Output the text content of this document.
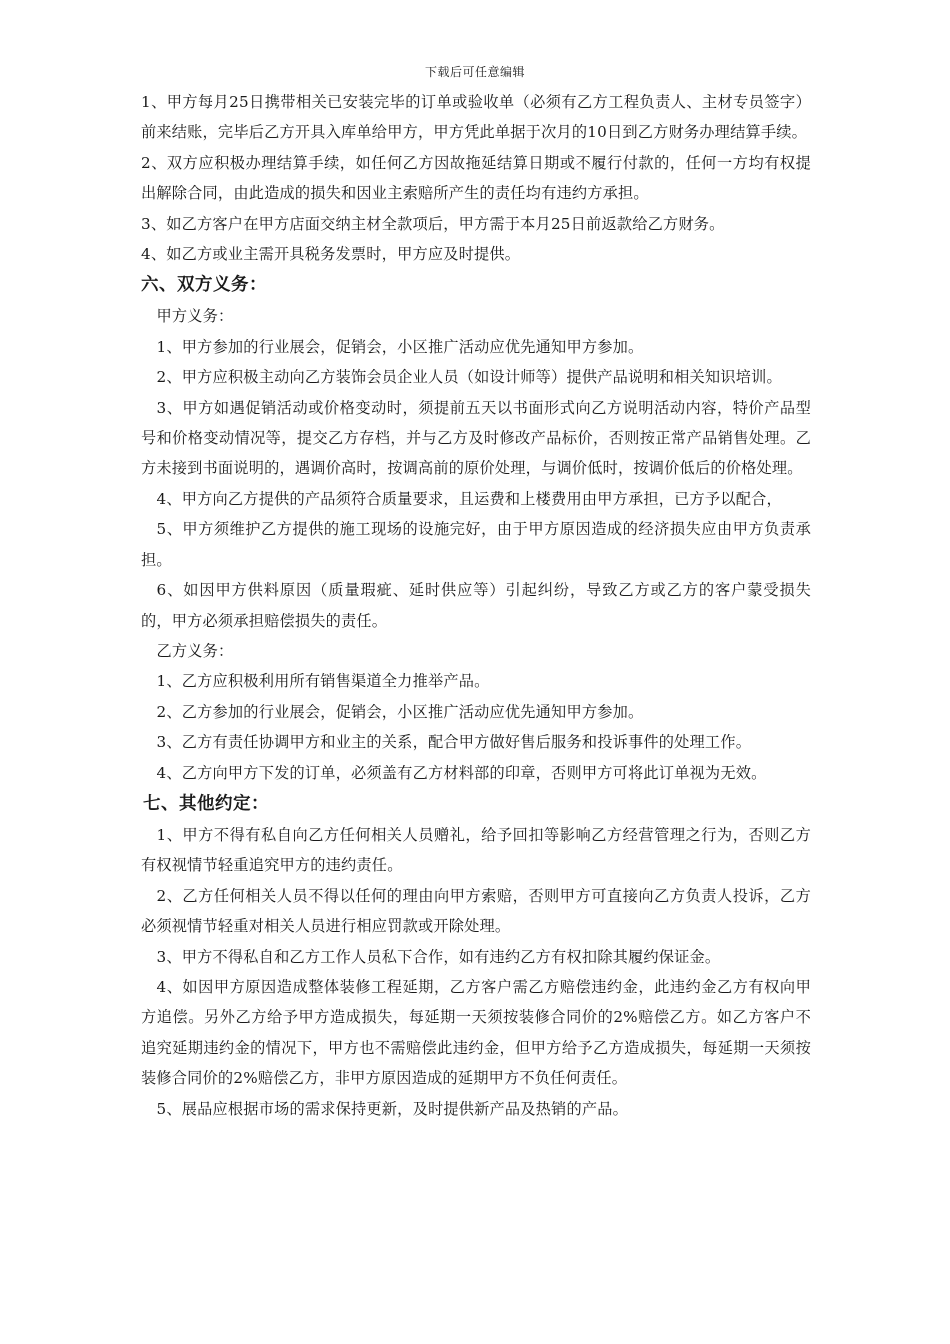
下载后可任意编辑

1、甲方每月25日携带相关已安装完毕的订单或验收单（必须有乙方工程负责人、主材专员签字）前来结账，完毕后乙方开具入库单给甲方，甲方凭此单据于次月的10日到乙方财务办理结算手续。

2、双方应积极办理结算手续，如任何乙方因故拖延结算日期或不履行付款的，任何一方均有权提出解除合同，由此造成的损失和因业主索赔所产生的责任均有违约方承担。

3、如乙方客户在甲方店面交纳主材全款项后，甲方需于本月25日前返款给乙方财务。

4、如乙方或业主需开具税务发票时，甲方应及时提供。

六、双方义务：

甲方义务：

1、甲方参加的行业展会，促销会，小区推广活动应优先通知甲方参加。

2、甲方应积极主动向乙方装饰会员企业人员（如设计师等）提供产品说明和相关知识培训。

3、甲方如遇促销活动或价格变动时，须提前五天以书面形式向乙方说明活动内容，特价产品型号和价格变动情况等，提交乙方存档，并与乙方及时修改产品标价，否则按正常产品销售处理。乙方未接到书面说明的，遇调价高时，按调高前的原价处理，与调价低时，按调价低后的价格处理。

4、甲方向乙方提供的产品须符合质量要求，且运费和上楼费用由甲方承担，已方予以配合，

5、甲方须维护乙方提供的施工现场的设施完好，由于甲方原因造成的经济损失应由甲方负责承担。

6、如因甲方供料原因（质量瑕疵、延时供应等）引起纠纷，导致乙方或乙方的客户蒙受损失的，甲方必须承担赔偿损失的责任。

乙方义务：

1、乙方应积极利用所有销售渠道全力推举产品。

2、乙方参加的行业展会，促销会，小区推广活动应优先通知甲方参加。

3、乙方有责任协调甲方和业主的关系，配合甲方做好售后服务和投诉事件的处理工作。

4、乙方向甲方下发的订单，必须盖有乙方材料部的印章，否则甲方可将此订单视为无效。

七、其他约定：

1、甲方不得有私自向乙方任何相关人员赠礼，给予回扣等影响乙方经营管理之行为，否则乙方有权视情节轻重追究甲方的违约责任。

2、乙方任何相关人员不得以任何的理由向甲方索赔，否则甲方可直接向乙方负责人投诉，乙方必须视情节轻重对相关人员进行相应罚款或开除处理。

3、甲方不得私自和乙方工作人员私下合作，如有违约乙方有权扣除其履约保证金。

4、如因甲方原因造成整体装修工程延期，乙方客户需乙方赔偿违约金，此违约金乙方有权向甲方追偿。另外乙方给予甲方造成损失，每延期一天须按装修合同价的2%赔偿乙方。如乙方客户不追究延期违约金的情况下，甲方也不需赔偿此违约金，但甲方给予乙方造成损失，每延期一天须按装修合同价的2%赔偿乙方，非甲方原因造成的延期甲方不负任何责任。

5、展品应根据市场的需求保持更新，及时提供新产品及热销的产品。
